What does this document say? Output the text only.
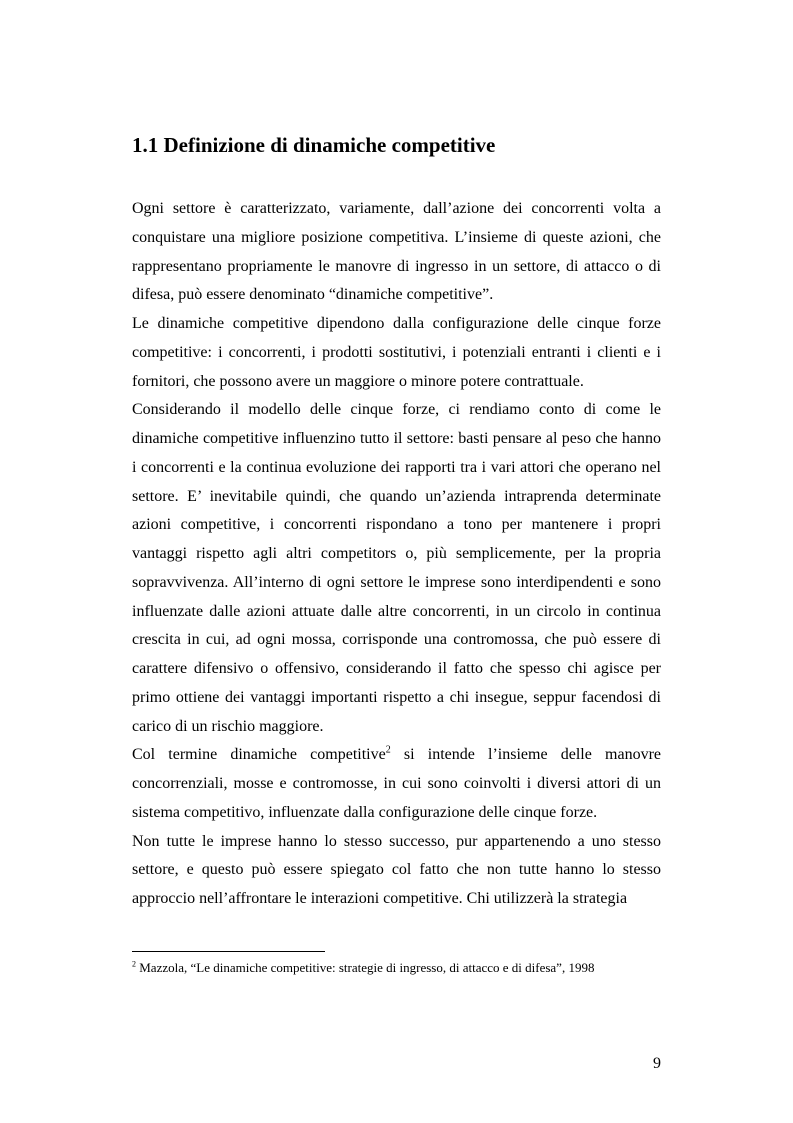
1.1 Definizione di dinamiche competitive

Ogni settore è caratterizzato, variamente, dall’azione dei concorrenti volta a conquistare una migliore posizione competitiva. L’insieme di queste azioni, che rappresentano propriamente le manovre di ingresso in un settore, di attacco o di difesa, può essere denominato “dinamiche competitive”.

Le dinamiche competitive dipendono dalla configurazione delle cinque forze competitive: i concorrenti, i prodotti sostitutivi, i potenziali entranti i clienti e i fornitori, che possono avere un maggiore o minore potere contrattuale.

Considerando il modello delle cinque forze, ci rendiamo conto di come le dinamiche competitive influenzino tutto il settore: basti pensare al peso che hanno i concorrenti e la continua evoluzione dei rapporti tra i vari attori che operano nel settore. E’ inevitabile quindi, che quando un’azienda intraprenda determinate azioni competitive, i concorrenti rispondano a tono per mantenere i propri vantaggi rispetto agli altri competitors o, più semplicemente, per la propria sopravvivenza. All’interno di ogni settore le imprese sono interdipendenti e sono influenzate dalle azioni attuate dalle altre concorrenti, in un circolo in continua crescita in cui, ad ogni mossa, corrisponde una contromossa, che può essere di carattere difensivo o offensivo, considerando il fatto che spesso chi agisce per primo ottiene dei vantaggi importanti rispetto a chi insegue, seppur facendosi di carico di un rischio maggiore.

Col termine dinamiche competitive$^2$ si intende l’insieme delle manovre concorrenziali, mosse e contromosse, in cui sono coinvolti i diversi attori di un sistema competitivo, influenzate dalla configurazione delle cinque forze.

Non tutte le imprese hanno lo stesso successo, pur appartenendo a uno stesso settore, e questo può essere spiegato col fatto che non tutte hanno lo stesso approccio nell’affrontare le interazioni competitive. Chi utilizzerà la strategia

$^2$ Mazzola, “Le dinamiche competitive: strategie di ingresso, di attacco e di difesa”, 1998
9
